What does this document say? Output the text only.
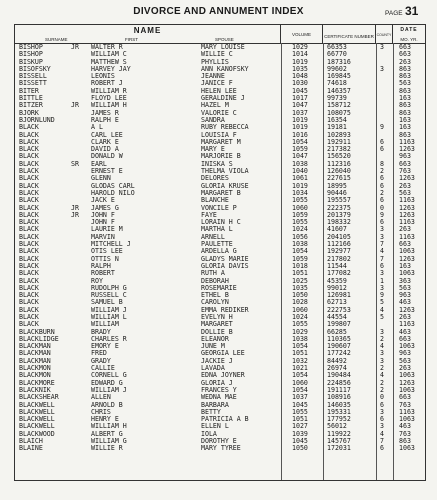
DIVORCE AND ANNUMENT INDEX	PAGE 31
NAME
SURNAME	FIRST	SPOUSE
VOLUME	CERTIFICATE NUMBER COUNTY
DATE
MO. YR.
BISHOP	JR WALTER R	MARY LOUISE	1029	66353	3 663
BISHOP	WILLIAM C	WILLIE C	1014	66770	663
BISKUP	MATTHEW S	PHYLLIS	1019	187316	263
BISOFSKY	HARVEY JAY	ANN KANOFSKY	1035	99602	3 863
BISSELL	LEONIS	JEANNE	1048	169845	863
BISSETT	ROBERT J	JANICE F	1030	74618	563
BITER	WILLIAM R	HELEN LEE	1045	146357	863
BITTLE	FLOYD LEE	GERALDINE J	1017	99739	163
BITZER	JR WILLIAM H	HAZEL M	1047	158712	863
BJORK	JAMES R	VALORIE C	1037	108075	863
BJORNLUND	RALPH E	SANDRA	1019	16354	163
BLACK	A L	RUBY REBECCA	1019	19181	9 163
BLACK	CARL LEE	LOUISIA F	1016	102893	863
BLACK	CLARK E	MARGARET M	1054	192911	6 1163
BLACK	DAVID A	MARY E	1059	217382	6 1263
BLACK	DONALD W	MARJORIE B	1047	156520	963
BLACK	SR EARL	INISKA S	1038	112316	8 663
BLACK	ERNEST E	THELMA VIOLA	1040	126040	2 763
BLACK	GLENN	DELORES	1061	227615	6 1263
BLACK	GLODAS CARL	GLORIA KRUSE	1019	18995	6 263
BLACK	HAROLD NILO	MARGARET B	1034	90446	2 563
BLACK	JACK E	BLANCHE	1055	195557	6 1163
BLACK	JR JAMES G	VONCILE P	1060	222375	0 1263
BLACK	JR JOHN F	FAYE	1059	201379	9 1263
BLACK	JOHN F	LORAIN H C	1055	198332	6 1163
BLACK	LAURIE M	MARTHA L	1024	41607	3 263
BLACK	MARVIN	ARNELL	1056	204105	3 1163
BLACK	MITCHELL J	PAULETTE	1038	112166	7 663
BLACK	OTIS LEE	ARDELLA G	1054	192977	4 1063
BLACK	OTTIS N	GLADYS MARIE	1059	217802	7 1263
BLACK	RALPH	GLORIA DAVIS	1018	11544	6 163
BLACK	ROBERT	RUTH A	1051	177082	3 1063
BLACK	ROY	DEBORAH	1025	45359	1 363
BLACK	RUDOLPH G	ROSEMARIE	1035	99012	3 563
BLACK	RUSSELL C	ETHEL B	1050	126981	9 963
BLACK	SAMUEL B	CAROLYN	1028	62713	5 463
BLACK	WILLIAM J	EMMA REDIKER	1060	222753	4 1263
BLACK	WILLIAM L	EVELYN H	1024	44554	5 263
BLACK	WILLIAM	MARGARET	1055	199807	1163
BLACKBURN	BRADY	DOLLIE B	1029	66285	3 463
BLACKLIDGE	CHARLES R	ELEANOR	1038	110365	2 663
BLACKMAN	EMORY E	JUNE M	1054	190607	4 1063
BLACKMAN	FRED	GEORGIA LEE	1051	177242	3 963
BLACKMAN	GRADY	JACKIE J	1032	84492	3 563
BLACKMON	CALLIE	LAVADA	1021	26974	2 263
BLACKMON	CORNELL G	EDNA JOYNER	1054	190484	4 1063
BLACKMORE	EDWARD G	GLORIA J	1060	224856	2 1263
BLACKNIK	WILLIAM J	FRANCES Y	1054	191117	2 1063
BLACKSHEAR	ALLEN	WEDNA MAE	1037	108916	0 663
BLACKWELL	ARNOLD B	BARBARA	1045	146035	6 763
BLACKWELL	CHRIS	BETTY	1055	195331	3 1163
BLACKWELL	HENRY E	PATRICIA A B	1051	177952	6 1063
BLACKWELL	WILLIAM H	ELLEN L	1027	56012	3 463
BLACKWOOD	ALBERT G	IOLA	1039	119922	4 763
BLAICH	WILLIAM G	DOROTHY E	1045	145767	7 863
BLAINE	WILLIE R	MARY TYREE	1050	172031	6 1063
